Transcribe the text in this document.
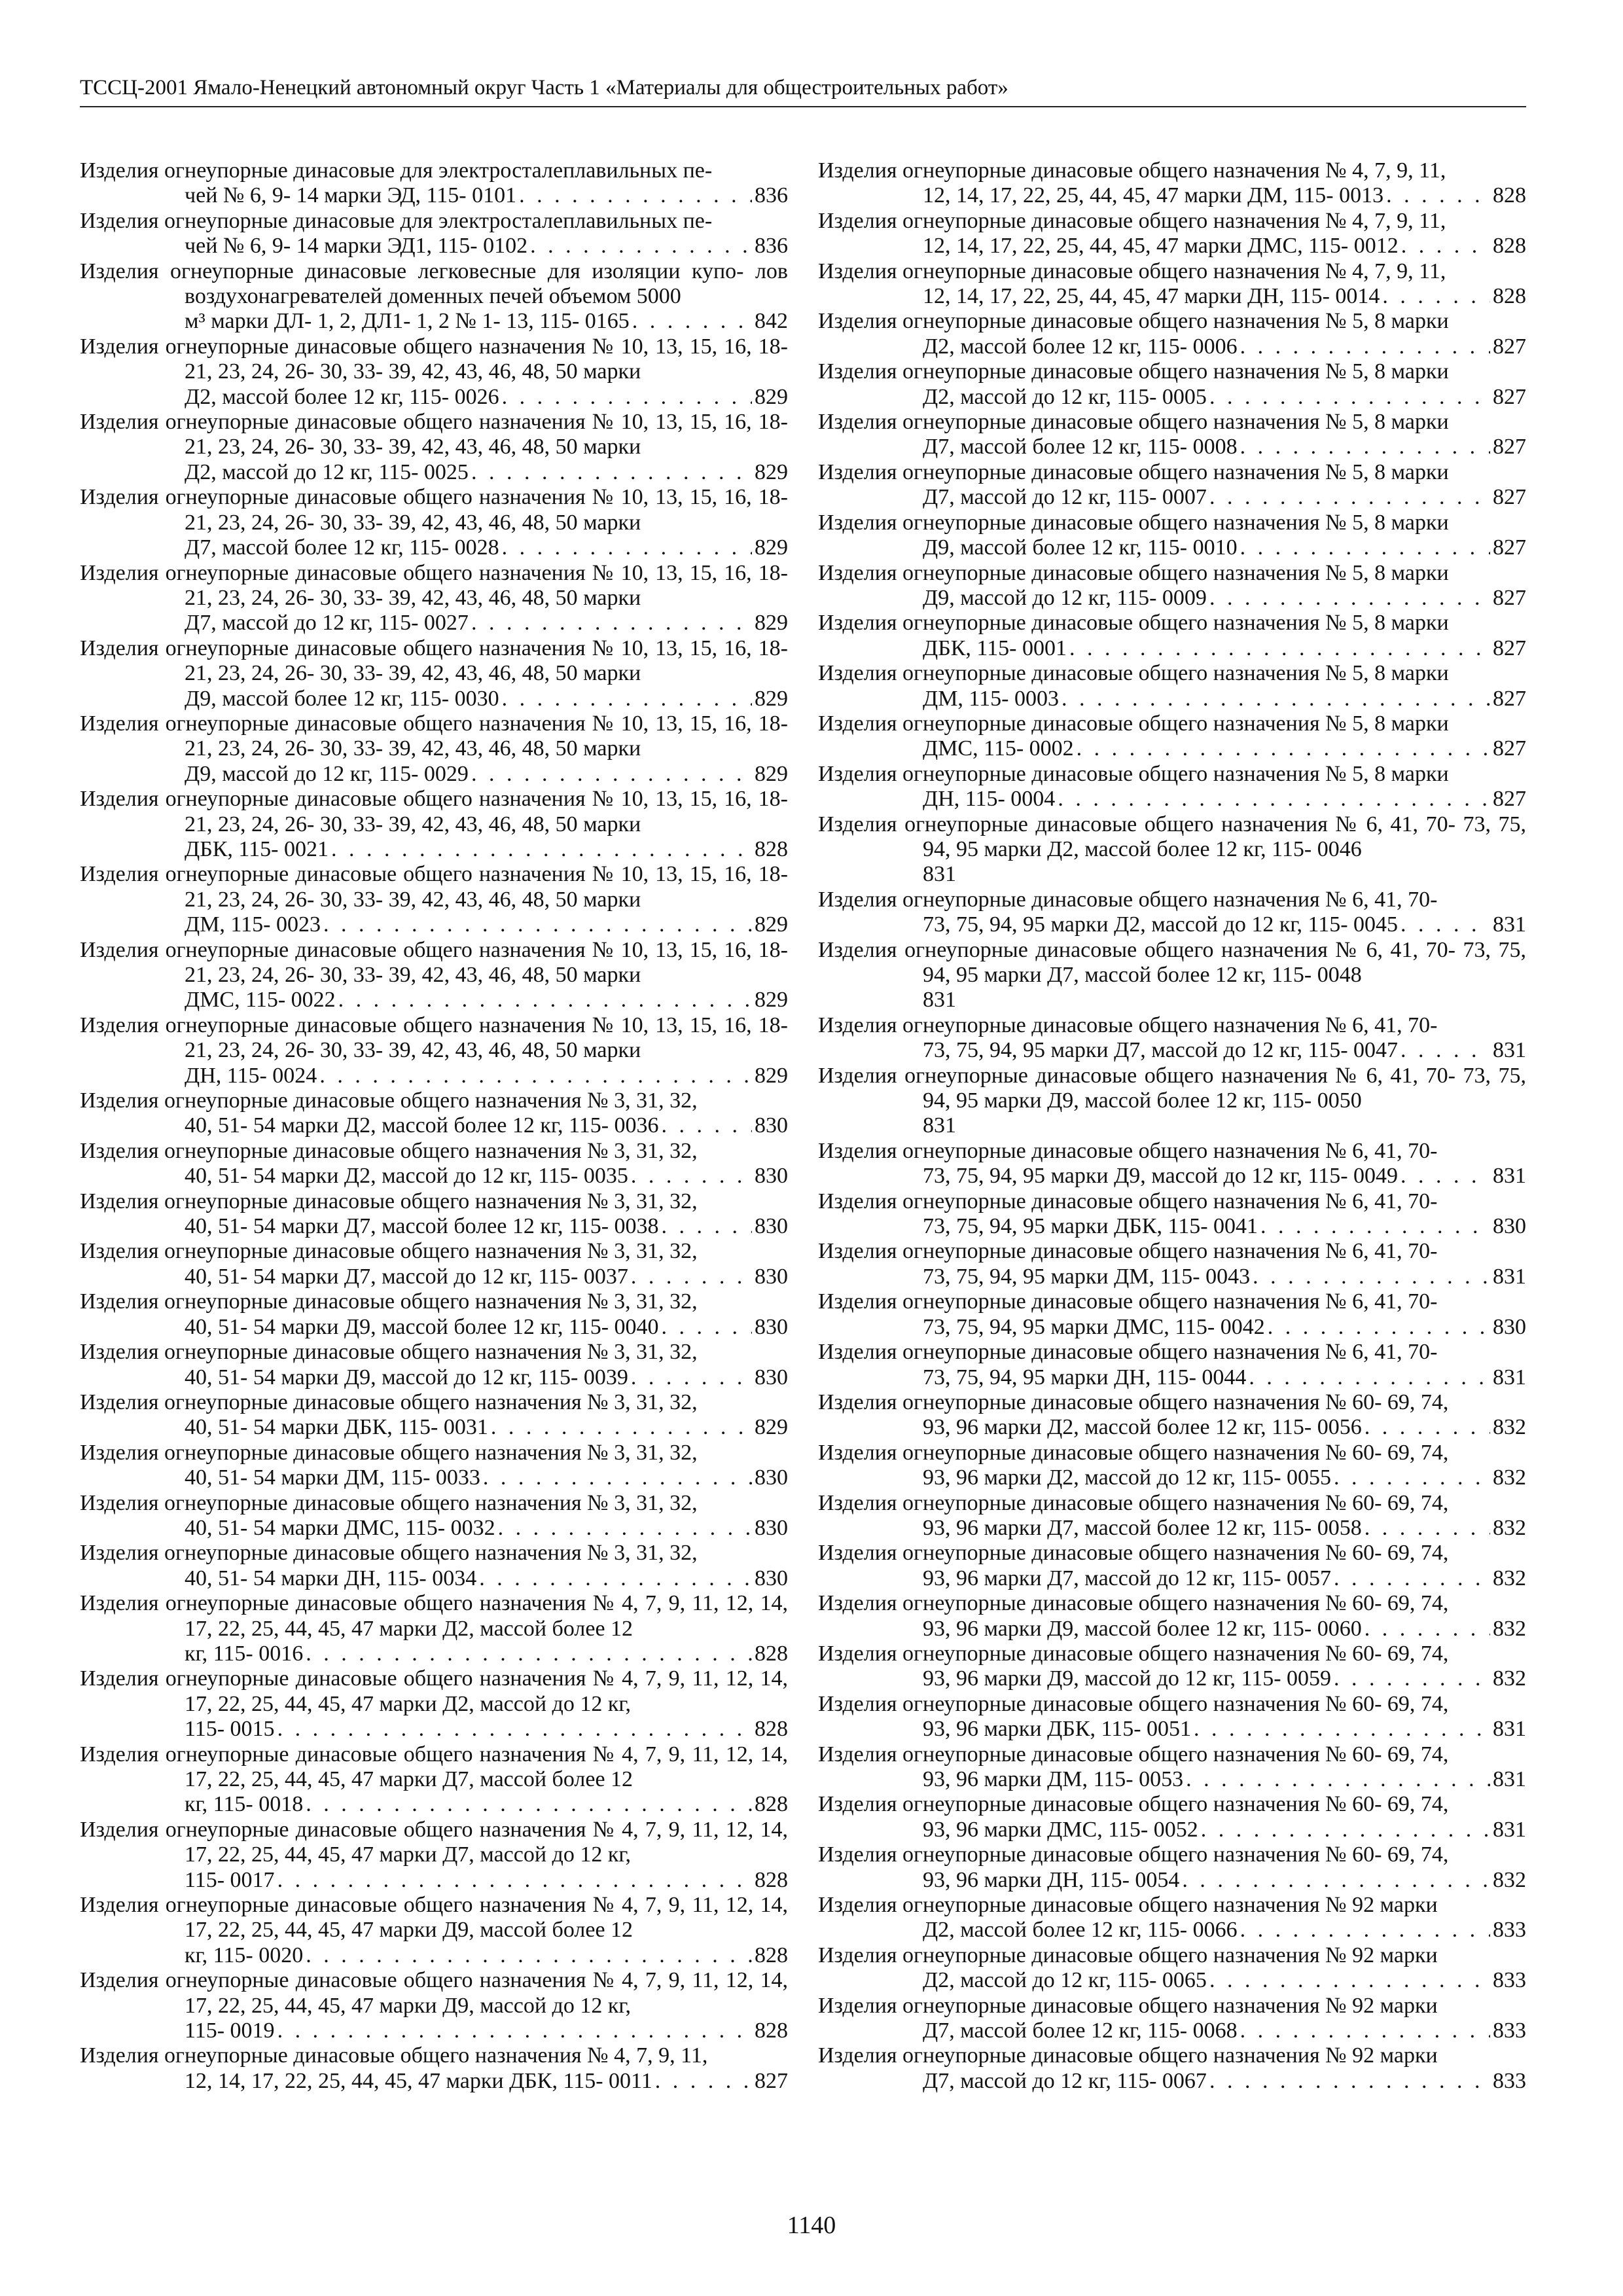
ТССЦ-2001 Ямало-Ненецкий автономный округ Часть 1 «Материалы для общестроительных работ»
Изделия огнеупорные динасовые для электросталеплавильных пе-
чей № 6, 9- 14 марки ЭД, 115- 0101 . . .	836
Изделия огнеупорные динасовые для электросталеплавильных пе-
чей № 6, 9- 14 марки ЭД1, 115- 0102 . . .	836
Изделия огнеупорные динасовые легковесные для изоляции купо- лов воздухонагревателей доменных печей объемом 5000
м³ марки ДЛ- 1, 2, ДЛ1- 1, 2 № 1- 13, 115- 0165 . . .	842
Изделия огнеупорные динасовые общего назначения № 10, 13, 15, 16, 18- 21, 23, 24, 26- 30, 33- 39, 42, 43, 46, 48, 50 марки
Д2, массой более 12 кг, 115- 0026 . . .	829
Изделия огнеупорные динасовые общего назначения № 10, 13, 15, 16, 18- 21, 23, 24, 26- 30, 33- 39, 42, 43, 46, 48, 50 марки
Д2, массой до 12 кг, 115- 0025 . . .	829
Изделия огнеупорные динасовые общего назначения № 10, 13, 15, 16, 18- 21, 23, 24, 26- 30, 33- 39, 42, 43, 46, 48, 50 марки
Д7, массой более 12 кг, 115- 0028 . . .	829
Изделия огнеупорные динасовые общего назначения № 10, 13, 15, 16, 18- 21, 23, 24, 26- 30, 33- 39, 42, 43, 46, 48, 50 марки
Д7, массой до 12 кг, 115- 0027 . . .	829
Изделия огнеупорные динасовые общего назначения № 10, 13, 15, 16, 18- 21, 23, 24, 26- 30, 33- 39, 42, 43, 46, 48, 50 марки
Д9, массой более 12 кг, 115- 0030 . . .	829
Изделия огнеупорные динасовые общего назначения № 10, 13, 15, 16, 18- 21, 23, 24, 26- 30, 33- 39, 42, 43, 46, 48, 50 марки
Д9, массой до 12 кг, 115- 0029 . . .	829
Изделия огнеупорные динасовые общего назначения № 10, 13, 15, 16, 18- 21, 23, 24, 26- 30, 33- 39, 42, 43, 46, 48, 50 марки
ДБК, 115- 0021 . . .	828
Изделия огнеупорные динасовые общего назначения № 10, 13, 15, 16, 18- 21, 23, 24, 26- 30, 33- 39, 42, 43, 46, 48, 50 марки
ДМ, 115- 0023 . . .	829
Изделия огнеупорные динасовые общего назначения № 10, 13, 15, 16, 18- 21, 23, 24, 26- 30, 33- 39, 42, 43, 46, 48, 50 марки
ДМС, 115- 0022 . . .	829
Изделия огнеупорные динасовые общего назначения № 10, 13, 15, 16, 18- 21, 23, 24, 26- 30, 33- 39, 42, 43, 46, 48, 50 марки
ДН, 115- 0024 . . .	829
Изделия огнеупорные динасовые общего назначения № 3, 31, 32,
40, 51- 54 марки Д2, массой более 12 кг, 115- 0036 . . .	830
Изделия огнеупорные динасовые общего назначения № 3, 31, 32,
40, 51- 54 марки Д2, массой до 12 кг, 115- 0035 . . .	830
Изделия огнеупорные динасовые общего назначения № 3, 31, 32,
40, 51- 54 марки Д7, массой более 12 кг, 115- 0038 . . .	830
Изделия огнеупорные динасовые общего назначения № 3, 31, 32,
40, 51- 54 марки Д7, массой до 12 кг, 115- 0037 . . .	830
Изделия огнеупорные динасовые общего назначения № 3, 31, 32,
40, 51- 54 марки Д9, массой более 12 кг, 115- 0040 . . .	830
Изделия огнеупорные динасовые общего назначения № 3, 31, 32,
40, 51- 54 марки Д9, массой до 12 кг, 115- 0039 . . .	830
Изделия огнеупорные динасовые общего назначения № 3, 31, 32,
40, 51- 54 марки ДБК, 115- 0031 . . .	829
Изделия огнеупорные динасовые общего назначения № 3, 31, 32,
40, 51- 54 марки ДМ, 115- 0033 . . .	830
Изделия огнеупорные динасовые общего назначения № 3, 31, 32,
40, 51- 54 марки ДМС, 115- 0032 . . .	830
Изделия огнеупорные динасовые общего назначения № 3, 31, 32,
40, 51- 54 марки ДН, 115- 0034 . . .	830
Изделия огнеупорные динасовые общего назначения № 4, 7, 9, 11, 12, 14, 17, 22, 25, 44, 45, 47 марки Д2, массой более 12
кг, 115- 0016 . . .	828
Изделия огнеупорные динасовые общего назначения № 4, 7, 9, 11, 12, 14, 17, 22, 25, 44, 45, 47 марки Д2, массой до 12 кг,
115- 0015 . . .	828
Изделия огнеупорные динасовые общего назначения № 4, 7, 9, 11, 12, 14, 17, 22, 25, 44, 45, 47 марки Д7, массой более 12
кг, 115- 0018 . . .	828
Изделия огнеупорные динасовые общего назначения № 4, 7, 9, 11, 12, 14, 17, 22, 25, 44, 45, 47 марки Д7, массой до 12 кг,
115- 0017 . . .	828
Изделия огнеупорные динасовые общего назначения № 4, 7, 9, 11, 12, 14, 17, 22, 25, 44, 45, 47 марки Д9, массой более 12
кг, 115- 0020 . . .	828
Изделия огнеупорные динасовые общего назначения № 4, 7, 9, 11, 12, 14, 17, 22, 25, 44, 45, 47 марки Д9, массой до 12 кг,
115- 0019 . . .	828
Изделия огнеупорные динасовые общего назначения № 4, 7, 9, 11,
12, 14, 17, 22, 25, 44, 45, 47 марки ДБК, 115- 0011 . . .	827
Изделия огнеупорные динасовые общего назначения № 4, 7, 9, 11,
12, 14, 17, 22, 25, 44, 45, 47 марки ДМ, 115- 0013 . . .	828
Изделия огнеупорные динасовые общего назначения № 4, 7, 9, 11,
12, 14, 17, 22, 25, 44, 45, 47 марки ДМС, 115- 0012 . . .	828
Изделия огнеупорные динасовые общего назначения № 4, 7, 9, 11,
12, 14, 17, 22, 25, 44, 45, 47 марки ДН, 115- 0014 . . .	828
Изделия огнеупорные динасовые общего назначения № 5, 8 марки
Д2, массой более 12 кг, 115- 0006 . . .	827
Изделия огнеупорные динасовые общего назначения № 5, 8 марки
Д2, массой до 12 кг, 115- 0005 . . .	827
Изделия огнеупорные динасовые общего назначения № 5, 8 марки
Д7, массой более 12 кг, 115- 0008 . . .	827
Изделия огнеупорные динасовые общего назначения № 5, 8 марки
Д7, массой до 12 кг, 115- 0007 . . .	827
Изделия огнеупорные динасовые общего назначения № 5, 8 марки
Д9, массой более 12 кг, 115- 0010 . . .	827
Изделия огнеупорные динасовые общего назначения № 5, 8 марки
Д9, массой до 12 кг, 115- 0009 . . .	827
Изделия огнеупорные динасовые общего назначения № 5, 8 марки
ДБК, 115- 0001 . . .	827
Изделия огнеупорные динасовые общего назначения № 5, 8 марки
ДМ, 115- 0003 . . .	827
Изделия огнеупорные динасовые общего назначения № 5, 8 марки
ДМС, 115- 0002 . . .	827
Изделия огнеупорные динасовые общего назначения № 5, 8 марки
ДН, 115- 0004 . . .	827
Изделия огнеупорные динасовые общего назначения № 6, 41, 70- 73, 75, 94, 95 марки Д2, массой более 12 кг, 115- 0046
831
Изделия огнеупорные динасовые общего назначения № 6, 41, 70-
73, 75, 94, 95 марки Д2, массой до 12 кг, 115- 0045 . . .	831
Изделия огнеупорные динасовые общего назначения № 6, 41, 70- 73, 75, 94, 95 марки Д7, массой более 12 кг, 115- 0048
831
Изделия огнеупорные динасовые общего назначения № 6, 41, 70-
73, 75, 94, 95 марки Д7, массой до 12 кг, 115- 0047 . . .	831
Изделия огнеупорные динасовые общего назначения № 6, 41, 70- 73, 75, 94, 95 марки Д9, массой более 12 кг, 115- 0050
831
Изделия огнеупорные динасовые общего назначения № 6, 41, 70-
73, 75, 94, 95 марки Д9, массой до 12 кг, 115- 0049 . . .	831
Изделия огнеупорные динасовые общего назначения № 6, 41, 70-
73, 75, 94, 95 марки ДБК, 115- 0041 . . .	830
Изделия огнеупорные динасовые общего назначения № 6, 41, 70-
73, 75, 94, 95 марки ДМ, 115- 0043 . . .	831
Изделия огнеупорные динасовые общего назначения № 6, 41, 70-
73, 75, 94, 95 марки ДМС, 115- 0042 . . .	830
Изделия огнеупорные динасовые общего назначения № 6, 41, 70-
73, 75, 94, 95 марки ДН, 115- 0044 . . .	831
Изделия огнеупорные динасовые общего назначения № 60- 69, 74,
93, 96 марки Д2, массой более 12 кг, 115- 0056 . . .	832
Изделия огнеупорные динасовые общего назначения № 60- 69, 74,
93, 96 марки Д2, массой до 12 кг, 115- 0055 . . .	832
Изделия огнеупорные динасовые общего назначения № 60- 69, 74,
93, 96 марки Д7, массой более 12 кг, 115- 0058 . . .	832
Изделия огнеупорные динасовые общего назначения № 60- 69, 74,
93, 96 марки Д7, массой до 12 кг, 115- 0057 . . .	832
Изделия огнеупорные динасовые общего назначения № 60- 69, 74,
93, 96 марки Д9, массой более 12 кг, 115- 0060 . . .	832
Изделия огнеупорные динасовые общего назначения № 60- 69, 74,
93, 96 марки Д9, массой до 12 кг, 115- 0059 . . .	832
Изделия огнеупорные динасовые общего назначения № 60- 69, 74,
93, 96 марки ДБК, 115- 0051 . . .	831
Изделия огнеупорные динасовые общего назначения № 60- 69, 74,
93, 96 марки ДМ, 115- 0053 . . .	831
Изделия огнеупорные динасовые общего назначения № 60- 69, 74,
93, 96 марки ДМС, 115- 0052 . . .	831
Изделия огнеупорные динасовые общего назначения № 60- 69, 74,
93, 96 марки ДН, 115- 0054 . . .	832
Изделия огнеупорные динасовые общего назначения № 92 марки
Д2, массой более 12 кг, 115- 0066 . . .	833
Изделия огнеупорные динасовые общего назначения № 92 марки
Д2, массой до 12 кг, 115- 0065 . . .	833
Изделия огнеупорные динасовые общего назначения № 92 марки
Д7, массой более 12 кг, 115- 0068 . . .	833
Изделия огнеупорные динасовые общего назначения № 92 марки
Д7, массой до 12 кг, 115- 0067 . . .	833
1140
